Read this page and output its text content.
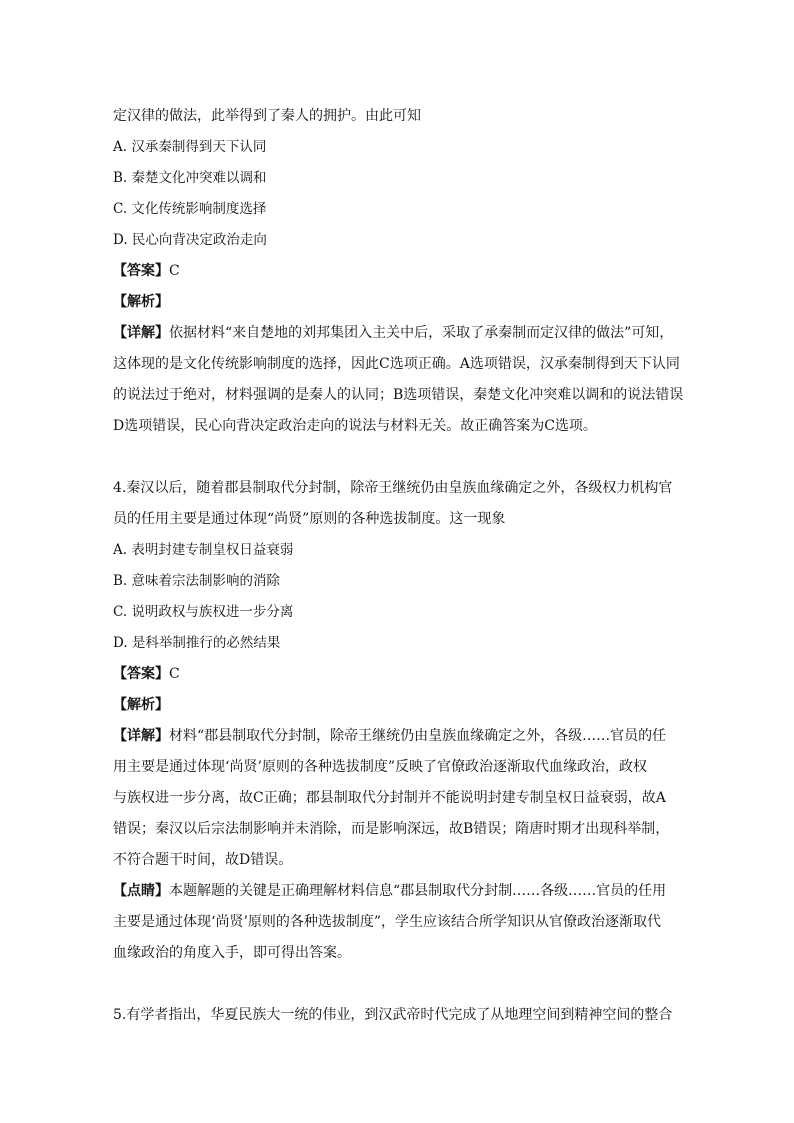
定汉律的做法，此举得到了秦人的拥护。由此可知
A. 汉承秦制得到天下认同
B. 秦楚文化冲突难以调和
C. 文化传统影响制度选择
D. 民心向背决定政治走向
【答案】C
【解析】
【详解】依据材料“来自楚地的刘邦集团入主关中后，采取了承秦制而定汉律的做法”可知，
这体现的是文化传统影响制度的选择，因此C选项正确。A选项错误，汉承秦制得到天下认同
的说法过于绝对，材料强调的是秦人的认同；B选项错误，秦楚文化冲突难以调和的说法错误
D选项错误，民心向背决定政治走向的说法与材料无关。故正确答案为C选项。
4.秦汉以后，随着郡县制取代分封制，除帝王继统仍由皇族血缘确定之外，各级权力机构官
员的任用主要是通过体现“尚贤”原则的各种选拔制度。这一现象
A. 表明封建专制皇权日益衰弱
B. 意味着宗法制影响的消除
C. 说明政权与族权进一步分离
D. 是科举制推行的必然结果
【答案】C
【解析】
【详解】材料“郡县制取代分封制，除帝王继统仍由皇族血缘确定之外，各级……官员的任
用主要是通过体现‘尚贤’原则的各种选拔制度”反映了官僚政治逐渐取代血缘政治，政权
与族权进一步分离，故C正确；郡县制取代分封制并不能说明封建专制皇权日益衰弱，故A
错误；秦汉以后宗法制影响并未消除，而是影响深远，故B错误；隋唐时期才出现科举制，
不符合题干时间，故D错误。
【点睛】本题解题的关键是正确理解材料信息“郡县制取代分封制……各级……官员的任用
主要是通过体现‘尚贤’原则的各种选拔制度”，学生应该结合所学知识从官僚政治逐渐取代
血缘政治的角度入手，即可得出答案。
5.有学者指出，华夏民族大一统的伟业，到汉武帝时代完成了从地理空间到精神空间的整合
